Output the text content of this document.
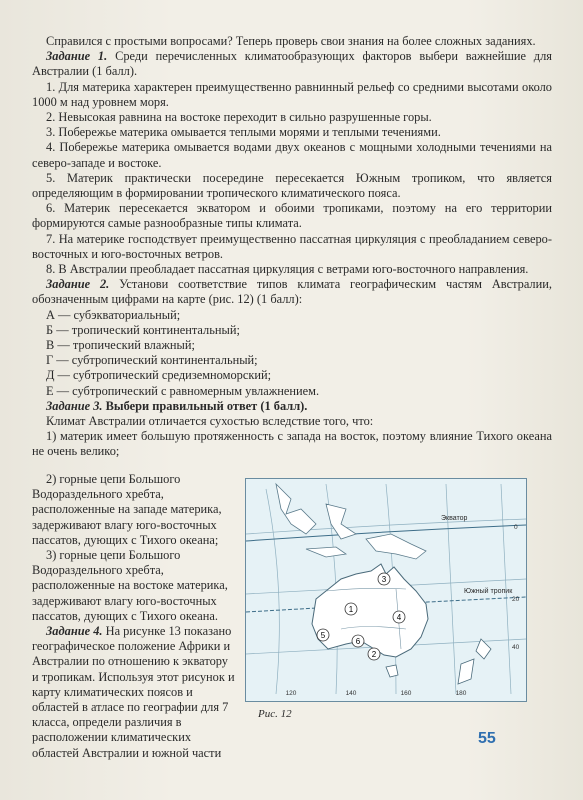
Справился с простыми вопросами? Теперь проверь свои знания на более сложных заданиях.

Задание 1. Среди перечисленных климатообразующих факторов выбери важнейшие для Австралии (1 балл).

1. Для материка характерен преимущественно равнинный рельеф со средними высотами около 1000 м над уровнем моря.

2. Невысокая равнина на востоке переходит в сильно разрушенные горы.

3. Побережье материка омывается теплыми морями и теплыми течениями.

4. Побережье материка омывается водами двух океанов с мощными холодными течениями на северо-западе и востоке.

5. Материк практически посередине пересекается Южным тропиком, что является определяющим в формировании тропического климатического пояса.

6. Материк пересекается экватором и обоими тропиками, поэтому на его территории формируются самые разнообразные типы климата.

7. На материке господствует преимущественно пассатная циркуляция с преобладанием северо-восточных и юго-восточных ветров.

8. В Австралии преобладает пассатная циркуляция с ветрами юго-восточного направления.

Задание 2. Установи соответствие типов климата географическим частям Австралии, обозначенным цифрами на карте (рис. 12) (1 балл):

А — субэкваториальный;

Б — тропический континентальный;

В — тропический влажный;

Г — субтропический континентальный;

Д — субтропический средиземноморский;

Е — субтропический с равномерным увлажнением.

Задание 3. Выбери правильный ответ (1 балл).

Климат Австралии отличается сухостью вследствие того, что:

1) материк имеет большую протяженность с запада на восток, поэтому влияние Тихого океана не очень велико;

2) горные цепи Большого Водораздельного хребта, расположенные на западе материка, задерживают влагу юго-восточных пассатов, дующих с Тихого океана;

3) горные цепи Большого Водораздельного хребта, расположенные на востоке материка, задерживают влагу юго-восточных пассатов, дующих с Тихого океана.

Задание 4. На рисунке 13 показано географическое положение Африки и Австралии по отношению к экватору и тропикам. Используя этот рисунок и карту климатических поясов и областей в атласе по географии для 7 класса, определи различия в расположении климатических областей Австралии и южной части

Экватор
Южный тропик
3
1
4
5
6
2
120	140	160	180
0
20
40
Рис. 12
55
